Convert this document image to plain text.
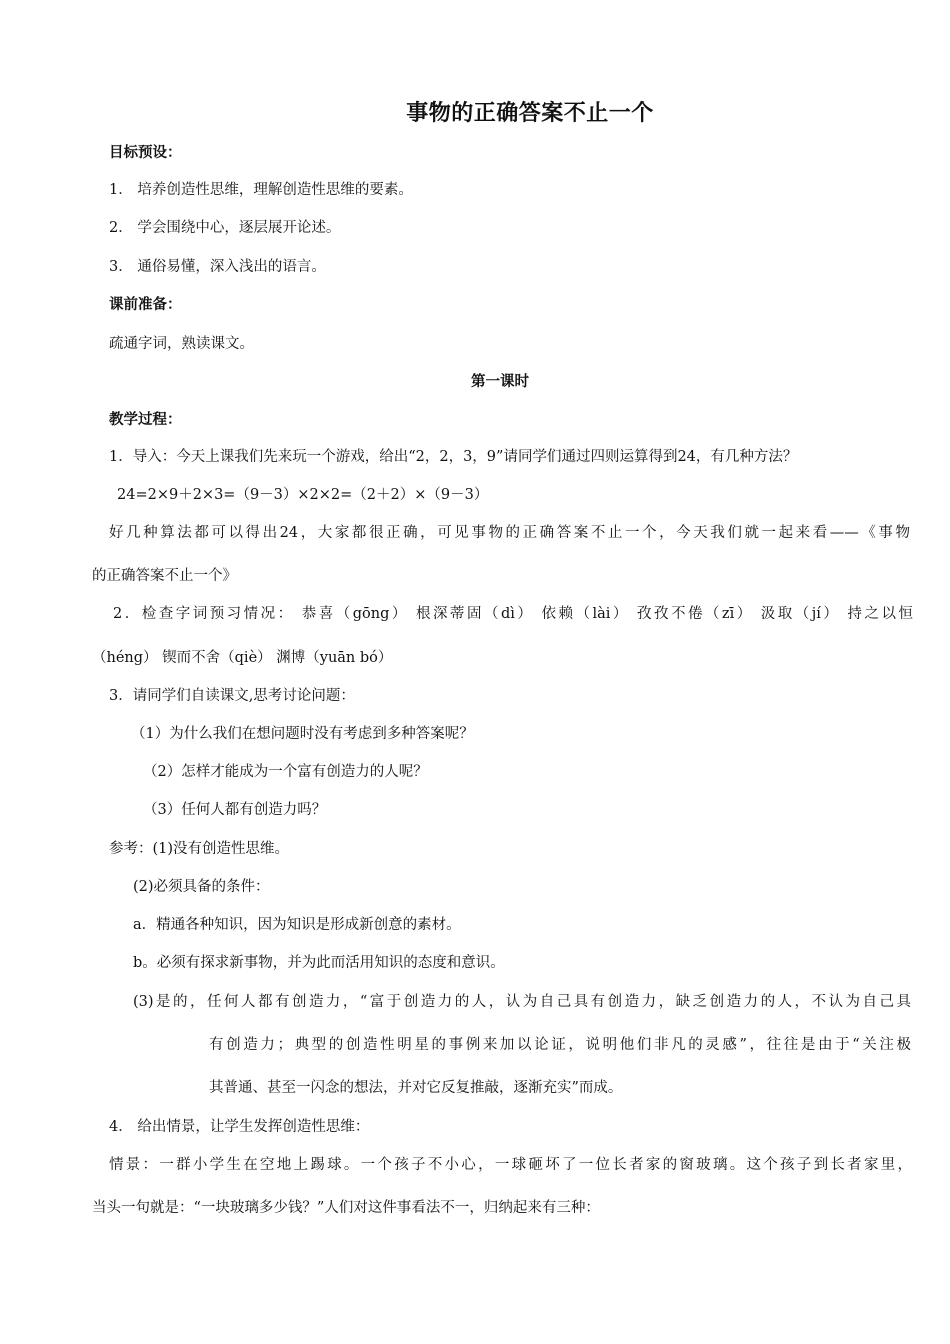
事物的正确答案不止一个
目标预设：
1． 培养创造性思维，理解创造性思维的要素。
2． 学会围绕中心，逐层展开论述。
3． 通俗易懂，深入浅出的语言。
课前准备：
疏通字词，熟读课文。
第一课时
教学过程：
1．导入：今天上课我们先来玩一个游戏，给出“2，2，3，9”请同学们通过四则运算得到24，有几种方法？
24=2×9＋2×3=（9－3）×2×2=（2＋2）×（9－3）
好几种算法都可以得出24，大家都很正确，可见事物的正确答案不止一个，今天我们就一起来看——《事物
的正确答案不止一个》
2．检查字词预习情况： 恭喜（gōng） 根深蒂固（dì） 依赖（lài） 孜孜不倦（zī） 汲取（jí） 持之以恒
（héng） 锲而不舍（qiè） 渊博（yuān bó）
3．请同学们自读课文,思考讨论问题：
（1）为什么我们在想问题时没有考虑到多种答案呢？
（2）怎样才能成为一个富有创造力的人呢？
（3）任何人都有创造力吗？
参考：(1)没有创造性思维。
(2)必须具备的条件：
a．精通各种知识，因为知识是形成新创意的素材。
b。必须有探求新事物，并为此而活用知识的态度和意识。
(3)是的，任何人都有创造力，“富于创造力的人，认为自己具有创造力，缺乏创造力的人，不认为自己具
有创造力；典型的创造性明星的事例来加以论证，说明他们非凡的灵感”，往往是由于“关注极
其普通、甚至一闪念的想法，并对它反复推敲，逐渐充实”而成。
4． 给出情景，让学生发挥创造性思维：
情景：一群小学生在空地上踢球。一个孩子不小心，一球砸坏了一位长者家的窗玻璃。这个孩子到长者家里，
当头一句就是：“一块玻璃多少钱？”人们对这件事看法不一，归纳起来有三种：
